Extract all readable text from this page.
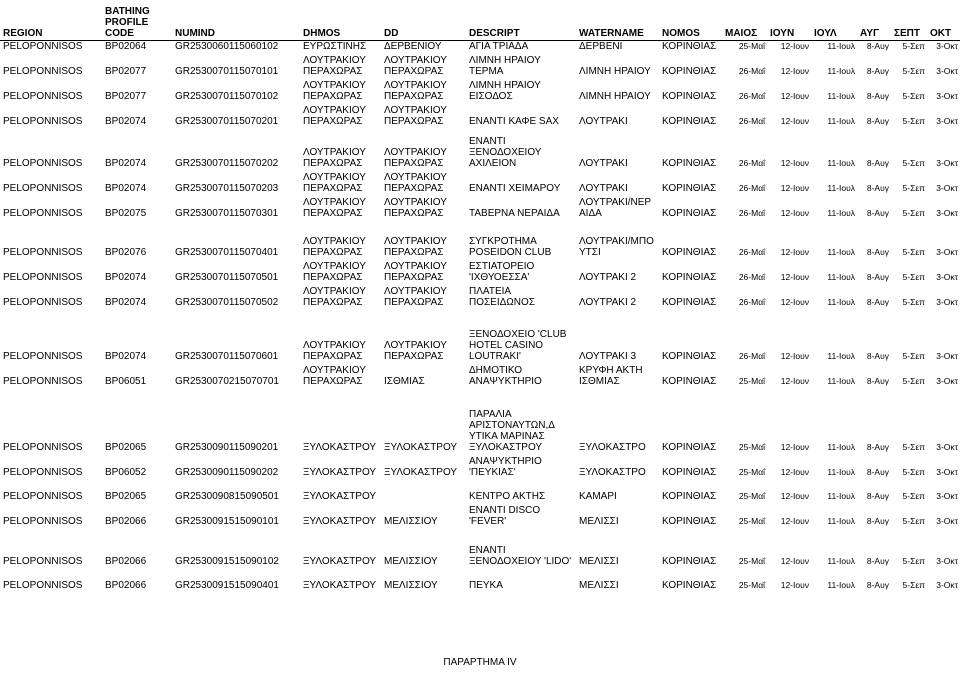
REGION	BATHING PROFILE CODE	NUMIND	DHMOS	DD	DESCRIPT	WATERNAME	NOMOS	ΜΑΙΟΣ	ΙΟΥΝ	ΙΟΥΛ	ΑΥΓ	ΣΕΠΤ	ΟΚΤ
PELOPONNISOS	BP02064	GR2530060115060102	ΕΥΡΩΣΤΙΝΗΣ	ΔΕΡΒΕΝΙΟΥ	ΑΓΙΑ ΤΡΙΑΔΑ	ΔΕΡΒΕΝΙ	ΚΟΡΙΝΘΙΑΣ	25-Μαΐ	12-Ιουν	11-Ιουλ	8-Αυγ	5-Σεπ	3-Οκτ
PELOPONNISOS	BP02077	GR2530070115070101	ΛΟΥΤΡΑΚΙΟΥ ΠΕΡΑΧΩΡΑΣ	ΛΟΥΤΡΑΚΙΟΥ ΠΕΡΑΧΩΡΑΣ	ΛΙΜΝΗ ΗΡΑΙΟΥ ΤΕΡΜΑ	ΛΙΜΝΗ ΗΡΑΙΟΥ	ΚΟΡΙΝΘΙΑΣ	26-Μαΐ	12-Ιουν	11-Ιουλ	8-Αυγ	5-Σεπ	3-Οκτ
PELOPONNISOS	BP02077	GR2530070115070102	ΛΟΥΤΡΑΚΙΟΥ ΠΕΡΑΧΩΡΑΣ	ΛΟΥΤΡΑΚΙΟΥ ΠΕΡΑΧΩΡΑΣ	ΛΙΜΝΗ ΗΡΑΙΟΥ ΕΙΣΟΔΟΣ	ΛΙΜΝΗ ΗΡΑΙΟΥ	ΚΟΡΙΝΘΙΑΣ	26-Μαΐ	12-Ιουν	11-Ιουλ	8-Αυγ	5-Σεπ	3-Οκτ
PELOPONNISOS	BP02074	GR2530070115070201	ΛΟΥΤΡΑΚΙΟΥ ΠΕΡΑΧΩΡΑΣ	ΛΟΥΤΡΑΚΙΟΥ ΠΕΡΑΧΩΡΑΣ	ΕΝΑΝΤΙ ΚΑΦΕ SAX	ΛΟΥΤΡΑΚΙ	ΚΟΡΙΝΘΙΑΣ	26-Μαΐ	12-Ιουν	11-Ιουλ	8-Αυγ	5-Σεπ	3-Οκτ
PELOPONNISOS	BP02074	GR2530070115070202	ΛΟΥΤΡΑΚΙΟΥ ΠΕΡΑΧΩΡΑΣ	ΛΟΥΤΡΑΚΙΟΥ ΠΕΡΑΧΩΡΑΣ	ΕΝΑΝΤΙ ΞΕΝΟΔΟΧΕΙΟΥ ΑΧΙΛΕΙΟΝ	ΛΟΥΤΡΑΚΙ	ΚΟΡΙΝΘΙΑΣ	26-Μαΐ	12-Ιουν	11-Ιουλ	8-Αυγ	5-Σεπ	3-Οκτ
PELOPONNISOS	BP02074	GR2530070115070203	ΛΟΥΤΡΑΚΙΟΥ ΠΕΡΑΧΩΡΑΣ	ΛΟΥΤΡΑΚΙΟΥ ΠΕΡΑΧΩΡΑΣ	ΕΝΑΝΤΙ ΧΕΙΜΑΡΟΥ	ΛΟΥΤΡΑΚΙ	ΚΟΡΙΝΘΙΑΣ	26-Μαΐ	12-Ιουν	11-Ιουλ	8-Αυγ	5-Σεπ	3-Οκτ
PELOPONNISOS	BP02075	GR2530070115070301	ΛΟΥΤΡΑΚΙΟΥ ΠΕΡΑΧΩΡΑΣ	ΛΟΥΤΡΑΚΙΟΥ ΠΕΡΑΧΩΡΑΣ	ΤΑΒΕΡΝΑ ΝΕΡΑΙΔΑ	ΛΟΥΤΡΑΚΙ/ΝΕΡ ΑΙΔΑ	ΚΟΡΙΝΘΙΑΣ	26-Μαΐ	12-Ιουν	11-Ιουλ	8-Αυγ	5-Σεπ	3-Οκτ

PELOPONNISOS	BP02076	GR2530070115070401	ΛΟΥΤΡΑΚΙΟΥ ΠΕΡΑΧΩΡΑΣ	ΛΟΥΤΡΑΚΙΟΥ ΠΕΡΑΧΩΡΑΣ	ΣΥΓΚΡΟΤΗΜΑ POSEIDON CLUB	ΛΟΥΤΡΑΚΙ/ΜΠΟ ΥΤΣΙ	ΚΟΡΙΝΘΙΑΣ	26-Μαΐ	12-Ιουν	11-Ιουλ	8-Αυγ	5-Σεπ	3-Οκτ
PELOPONNISOS	BP02074	GR2530070115070501	ΛΟΥΤΡΑΚΙΟΥ ΠΕΡΑΧΩΡΑΣ	ΛΟΥΤΡΑΚΙΟΥ ΠΕΡΑΧΩΡΑΣ	ΕΣΤΙΑΤΟΡΕΙΟ 'ΙΧΘΥΟΕΣΣΑ'	ΛΟΥΤΡΑΚΙ 2	ΚΟΡΙΝΘΙΑΣ	26-Μαΐ	12-Ιουν	11-Ιουλ	8-Αυγ	5-Σεπ	3-Οκτ
PELOPONNISOS	BP02074	GR2530070115070502	ΛΟΥΤΡΑΚΙΟΥ ΠΕΡΑΧΩΡΑΣ	ΛΟΥΤΡΑΚΙΟΥ ΠΕΡΑΧΩΡΑΣ	ΠΛΑΤΕΙΑ ΠΟΣΕΙΔΩΝΟΣ	ΛΟΥΤΡΑΚΙ 2	ΚΟΡΙΝΘΙΑΣ	26-Μαΐ	12-Ιουν	11-Ιουλ	8-Αυγ	5-Σεπ	3-Οκτ
PELOPONNISOS	BP02074	GR2530070115070601	ΛΟΥΤΡΑΚΙΟΥ ΠΕΡΑΧΩΡΑΣ	ΛΟΥΤΡΑΚΙΟΥ ΠΕΡΑΧΩΡΑΣ	ΞΕΝΟΔΟΧΕΙΟ 'CLUB HOTEL CASINO LOUTRAKI'	ΛΟΥΤΡΑΚΙ 3	ΚΟΡΙΝΘΙΑΣ	26-Μαΐ	12-Ιουν	11-Ιουλ	8-Αυγ	5-Σεπ	3-Οκτ
PELOPONNISOS	BP06051	GR2530070215070701	ΛΟΥΤΡΑΚΙΟΥ ΠΕΡΑΧΩΡΑΣ	ΙΣΘΜΙΑΣ	ΔΗΜΟΤΙΚΟ ΑΝΑΨΥΚΤΗΡΙΟ	ΚΡΥΦΗ ΑΚΤΗ ΙΣΘΜΙΑΣ	ΚΟΡΙΝΘΙΑΣ	25-Μαΐ	12-Ιουν	11-Ιουλ	8-Αυγ	5-Σεπ	3-Οκτ

PELOPONNISOS	BP02065	GR2530090115090201	ΞΥΛΟΚΑΣΤΡΟΥ	ΞΥΛΟΚΑΣΤΡΟΥ	ΠΑΡΑΛΙΑ ΑΡΙΣΤΟΝΑΥΤΩΝ,Δ ΥΤΙΚΑ ΜΑΡΙΝΑΣ ΞΥΛΟΚΑΣΤΡΟΥ	ΞΥΛΟΚΑΣΤΡΟ	ΚΟΡΙΝΘΙΑΣ	25-Μαΐ	12-Ιουν	11-Ιουλ	8-Αυγ	5-Σεπ	3-Οκτ
PELOPONNISOS	BP06052	GR2530090115090202	ΞΥΛΟΚΑΣΤΡΟΥ	ΞΥΛΟΚΑΣΤΡΟΥ	ΑΝΑΨΥΚΤΗΡΙΟ 'ΠΕΥΚΙΑΣ'	ΞΥΛΟΚΑΣΤΡΟ	ΚΟΡΙΝΘΙΑΣ	25-Μαΐ	12-Ιουν	11-Ιουλ	8-Αυγ	5-Σεπ	3-Οκτ

PELOPONNISOS	BP02065	GR2530090815090501	ΞΥΛΟΚΑΣΤΡΟΥ		ΚΕΝΤΡΟ ΑΚΤΗΣ	ΚΑΜΑΡΙ	ΚΟΡΙΝΘΙΑΣ	25-Μαΐ	12-Ιουν	11-Ιουλ	8-Αυγ	5-Σεπ	3-Οκτ
PELOPONNISOS	BP02066	GR2530091515090101	ΞΥΛΟΚΑΣΤΡΟΥ	ΜΕΛΙΣΣΙΟΥ	ΕΝΑΝΤΙ DISCO 'FEVER'	ΜΕΛΙΣΣΙ	ΚΟΡΙΝΘΙΑΣ	25-Μαΐ	12-Ιουν	11-Ιουλ	8-Αυγ	5-Σεπ	3-Οκτ
PELOPONNISOS	BP02066	GR2530091515090102	ΞΥΛΟΚΑΣΤΡΟΥ	ΜΕΛΙΣΣΙΟΥ	ΕΝΑΝΤΙ ΞΕΝΟΔΟΧΕΙΟΥ 'LIDO'	ΜΕΛΙΣΣΙ	ΚΟΡΙΝΘΙΑΣ	25-Μαΐ	12-Ιουν	11-Ιουλ	8-Αυγ	5-Σεπ	3-Οκτ

PELOPONNISOS	BP02066	GR2530091515090401	ΞΥΛΟΚΑΣΤΡΟΥ	ΜΕΛΙΣΣΙΟΥ	ΠΕΥΚΑ	ΜΕΛΙΣΣΙ	ΚΟΡΙΝΘΙΑΣ	25-Μαΐ	12-Ιουν	11-Ιουλ	8-Αυγ	5-Σεπ	3-Οκτ
ΠΑΡΑΡΤΗΜΑ IV
